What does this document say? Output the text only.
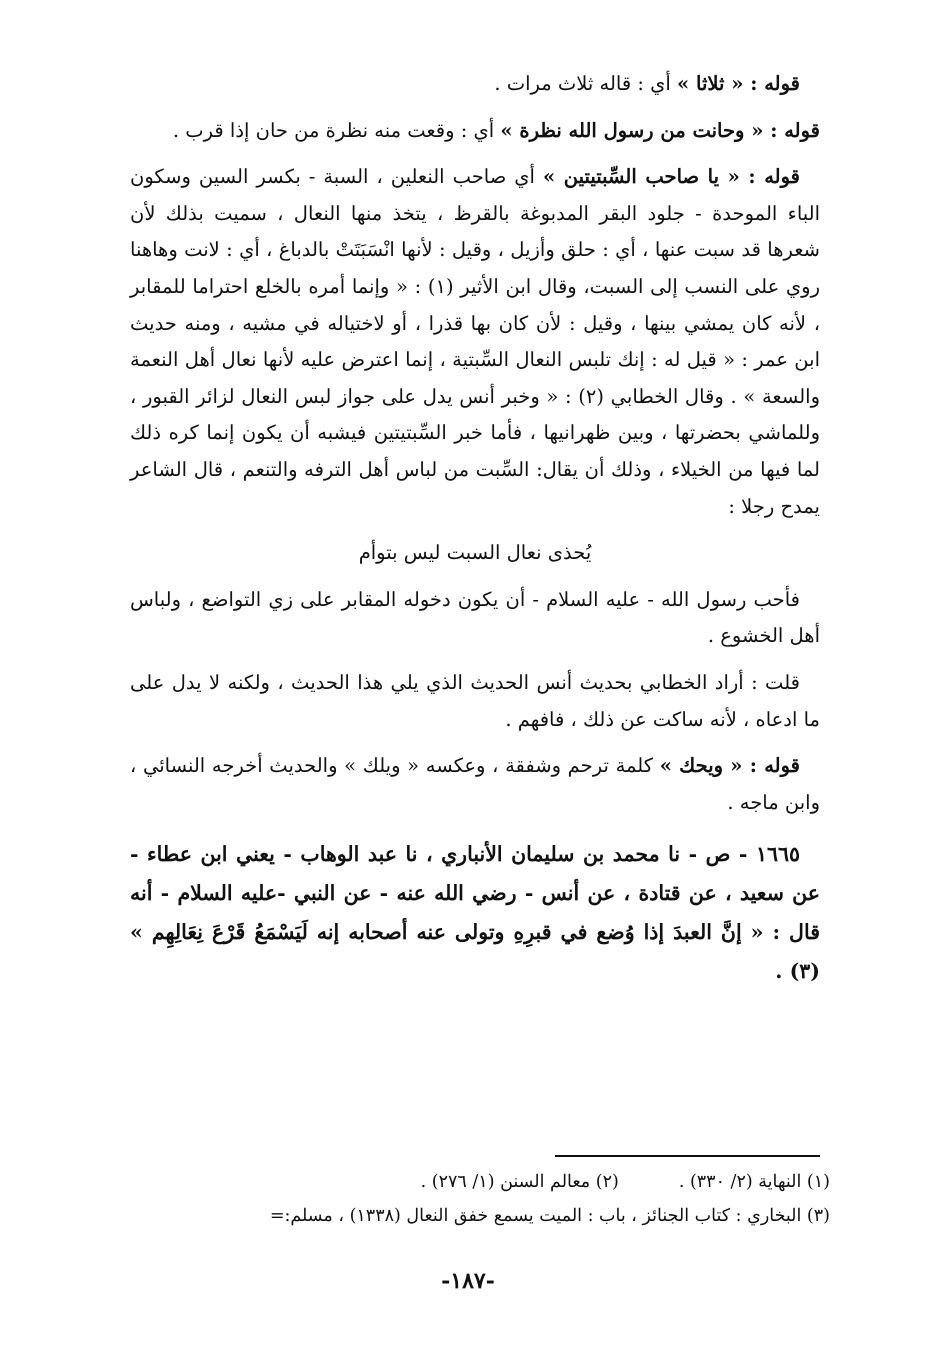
قوله : « ثلاثا » أي : قاله ثلاث مرات .

قوله : « وحانت من رسول الله نظرة » أي : وقعت منه نظرة من حان إذا قرب .

قوله : « يا صاحب السِّبتيتين » أي صاحب النعلين ، السبة - بكسر السين وسكون الباء الموحدة - جلود البقر المدبوغة بالقرظ ، يتخذ منها النعال ، سميت بذلك لأن شعرها قد سبت عنها ، أي : حلق وأزيل ، وقيل : لأنها انْسَبَتَتْ بالدباغ ، أي : لانت وهاهنا روي على النسب إلى السبت، وقال ابن الأثير (١) : « وإنما أمره بالخلع احتراما للمقابر ، لأنه كان يمشي بينها ، وقيل : لأن كان بها قذرا ، أو لاختياله في مشيه ، ومنه حديث ابن عمر : « قيل له : إنك تلبس النعال السِّبتية ، إنما اعترض عليه لأنها نعال أهل النعمة والسعة » . وقال الخطابي (٢) : « وخبر أنس يدل على جواز لبس النعال لزائر القبور ، وللماشي بحضرتها ، وبين ظهرانيها ، فأما خبر السِّبتيتين فيشبه أن يكون إنما كره ذلك لما فيها من الخيلاء ، وذلك أن يقال: السِّبت من لباس أهل الترفه والتنعم ، قال الشاعر يمدح رجلا :

يُحذى نعال السبت ليس بتوأم

فأحب رسول الله - عليه السلام - أن يكون دخوله المقابر على زي التواضع ، ولباس أهل الخشوع .

قلت : أراد الخطابي بحديث أنس الحديث الذي يلي هذا الحديث ، ولكنه لا يدل على ما ادعاه ، لأنه ساكت عن ذلك ، فافهم .

قوله : « ويحك » كلمة ترحم وشفقة ، وعكسه « ويلك » والحديث أخرجه النسائي ، وابن ماجه .

١٦٦٥ - ص - نا محمد بن سليمان الأنباري ، نا عبد الوهاب - يعني ابن عطاء - عن سعيد ، عن قتادة ، عن أنس - رضي الله عنه - عن النبي -عليه السلام - أنه قال : « إنَّ العبدَ إذا وُضع في قبرِهِ وتولى عنه أصحابه إنه لَيَسْمَعُ قَرْعَ نِعَالِهِم » (٣) .

(١) النهاية (٢/ ٣٣٠) .(٢) معالم السنن (١/ ٢٧٦) .

(٣) البخاري : كتاب الجنائز ، باب : الميت يسمع خفق النعال (١٣٣٨) ، مسلم:=

-١٨٧-
